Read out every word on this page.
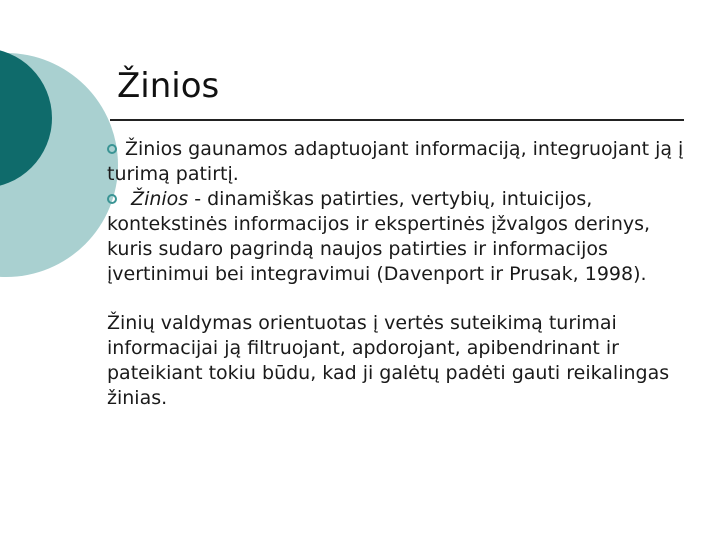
Žinios

Žinios gaunamos adaptuojant informaciją, integruojant ją į turimą patirtį.

Žinios - dinamiškas patirties, vertybių, intuicijos, kontekstinės informacijos ir ekspertinės įžvalgos derinys, kuris sudaro pagrindą naujos patirties ir informacijos įvertinimui bei integravimui (Davenport ir Prusak, 1998).

Žinių valdymas orientuotas į vertės suteikimą turimai informacijai ją filtruojant, apdorojant, apibendrinant ir pateikiant tokiu būdu, kad ji galėtų padėti gauti reikalingas žinias.
